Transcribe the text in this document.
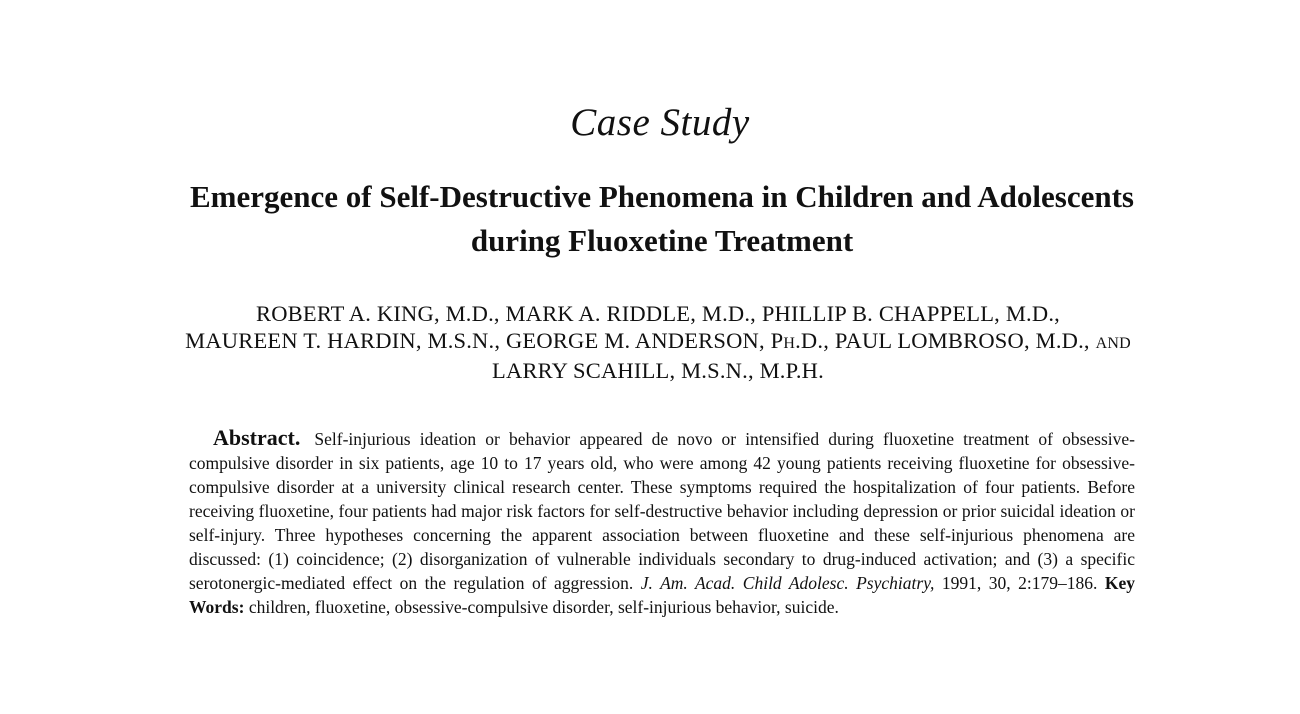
Case Study
Emergence of Self-Destructive Phenomena in Children and Adolescents
during Fluoxetine Treatment
ROBERT A. KING, M.D., MARK A. RIDDLE, M.D., PHILLIP B. CHAPPELL, M.D.,
MAUREEN T. HARDIN, M.S.N., GEORGE M. ANDERSON, PH.D., PAUL LOMBROSO, M.D., AND
LARRY SCAHILL, M.S.N., M.P.H.
Abstract. Self-injurious ideation or behavior appeared de novo or intensified during fluoxetine treatment of obsessive-compulsive disorder in six patients, age 10 to 17 years old, who were among 42 young patients receiving fluoxetine for obsessive-compulsive disorder at a university clinical research center. These symptoms required the hospitalization of four patients. Before receiving fluoxetine, four patients had major risk factors for self-destructive behavior including depression or prior suicidal ideation or self-injury. Three hypotheses concerning the apparent association between fluoxetine and these self-injurious phenomena are discussed: (1) coincidence; (2) disorganization of vulnerable individuals secondary to drug-induced activation; and (3) a specific serotonergic-mediated effect on the regulation of aggression. J. Am. Acad. Child Adolesc. Psychiatry, 1991, 30, 2:179–186. Key Words: children, fluoxetine, obsessive-compulsive disorder, self-injurious behavior, suicide.
